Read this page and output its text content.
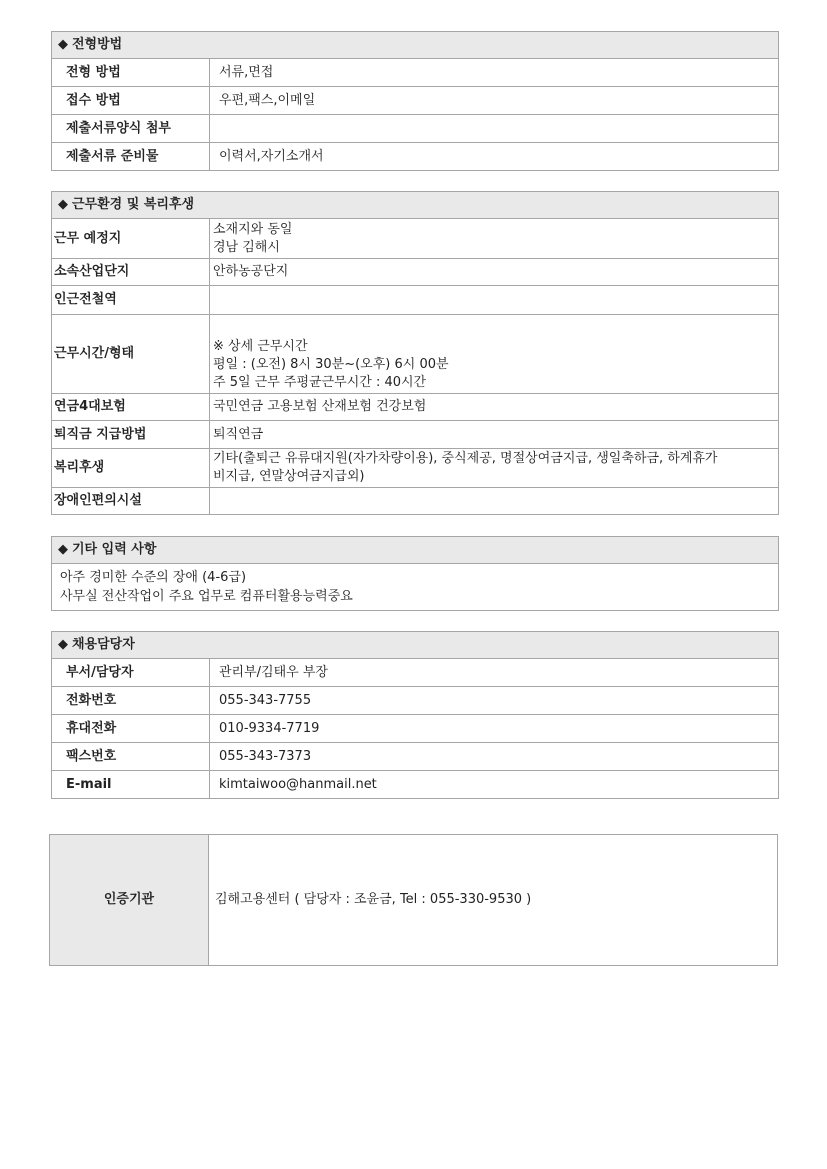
◆ 전형방법	
전형 방법	서류,면접
접수 방법	우편,팩스,이메일
제출서류양식 첨부	
제출서류 준비물	이력서,자기소개서
◆ 근무환경 및 복리후생	
근무 예정지	소재지와 동일
경남 김해시

소속산업단지	안하농공단지
인근전철역	
근무시간/형태	※ 상세 근무시간
평일 : (오전) 8시 30분~(오후) 6시 00분
주 5일 근무 주평균근무시간 : 40시간

연금4대보험	국민연금 고용보험 산재보험 건강보험
퇴직금 지급방법	퇴직연금
복리후생	기타(출퇴근 유류대지원(자가차량이용), 중식제공, 명절상여금지급, 생일축하금, 하계휴가
비지급, 연말상여금지급외)

장애인편의시설	
◆ 기타 입력 사항

아주 경미한 수준의 장애 (4-6급)
사무실 전산작업이 주요 업무로 컴퓨터활용능력중요
◆ 채용담당자	
부서/담당자	관리부/김태우 부장
전화번호	055-343-7755
휴대전화	010-9334-7719
팩스번호	055-343-7373
E-mail	kimtaiwoo@hanmail.net
인증기관	김해고용센터 ( 담당자 : 조윤금, Tel : 055-330-9530 )
